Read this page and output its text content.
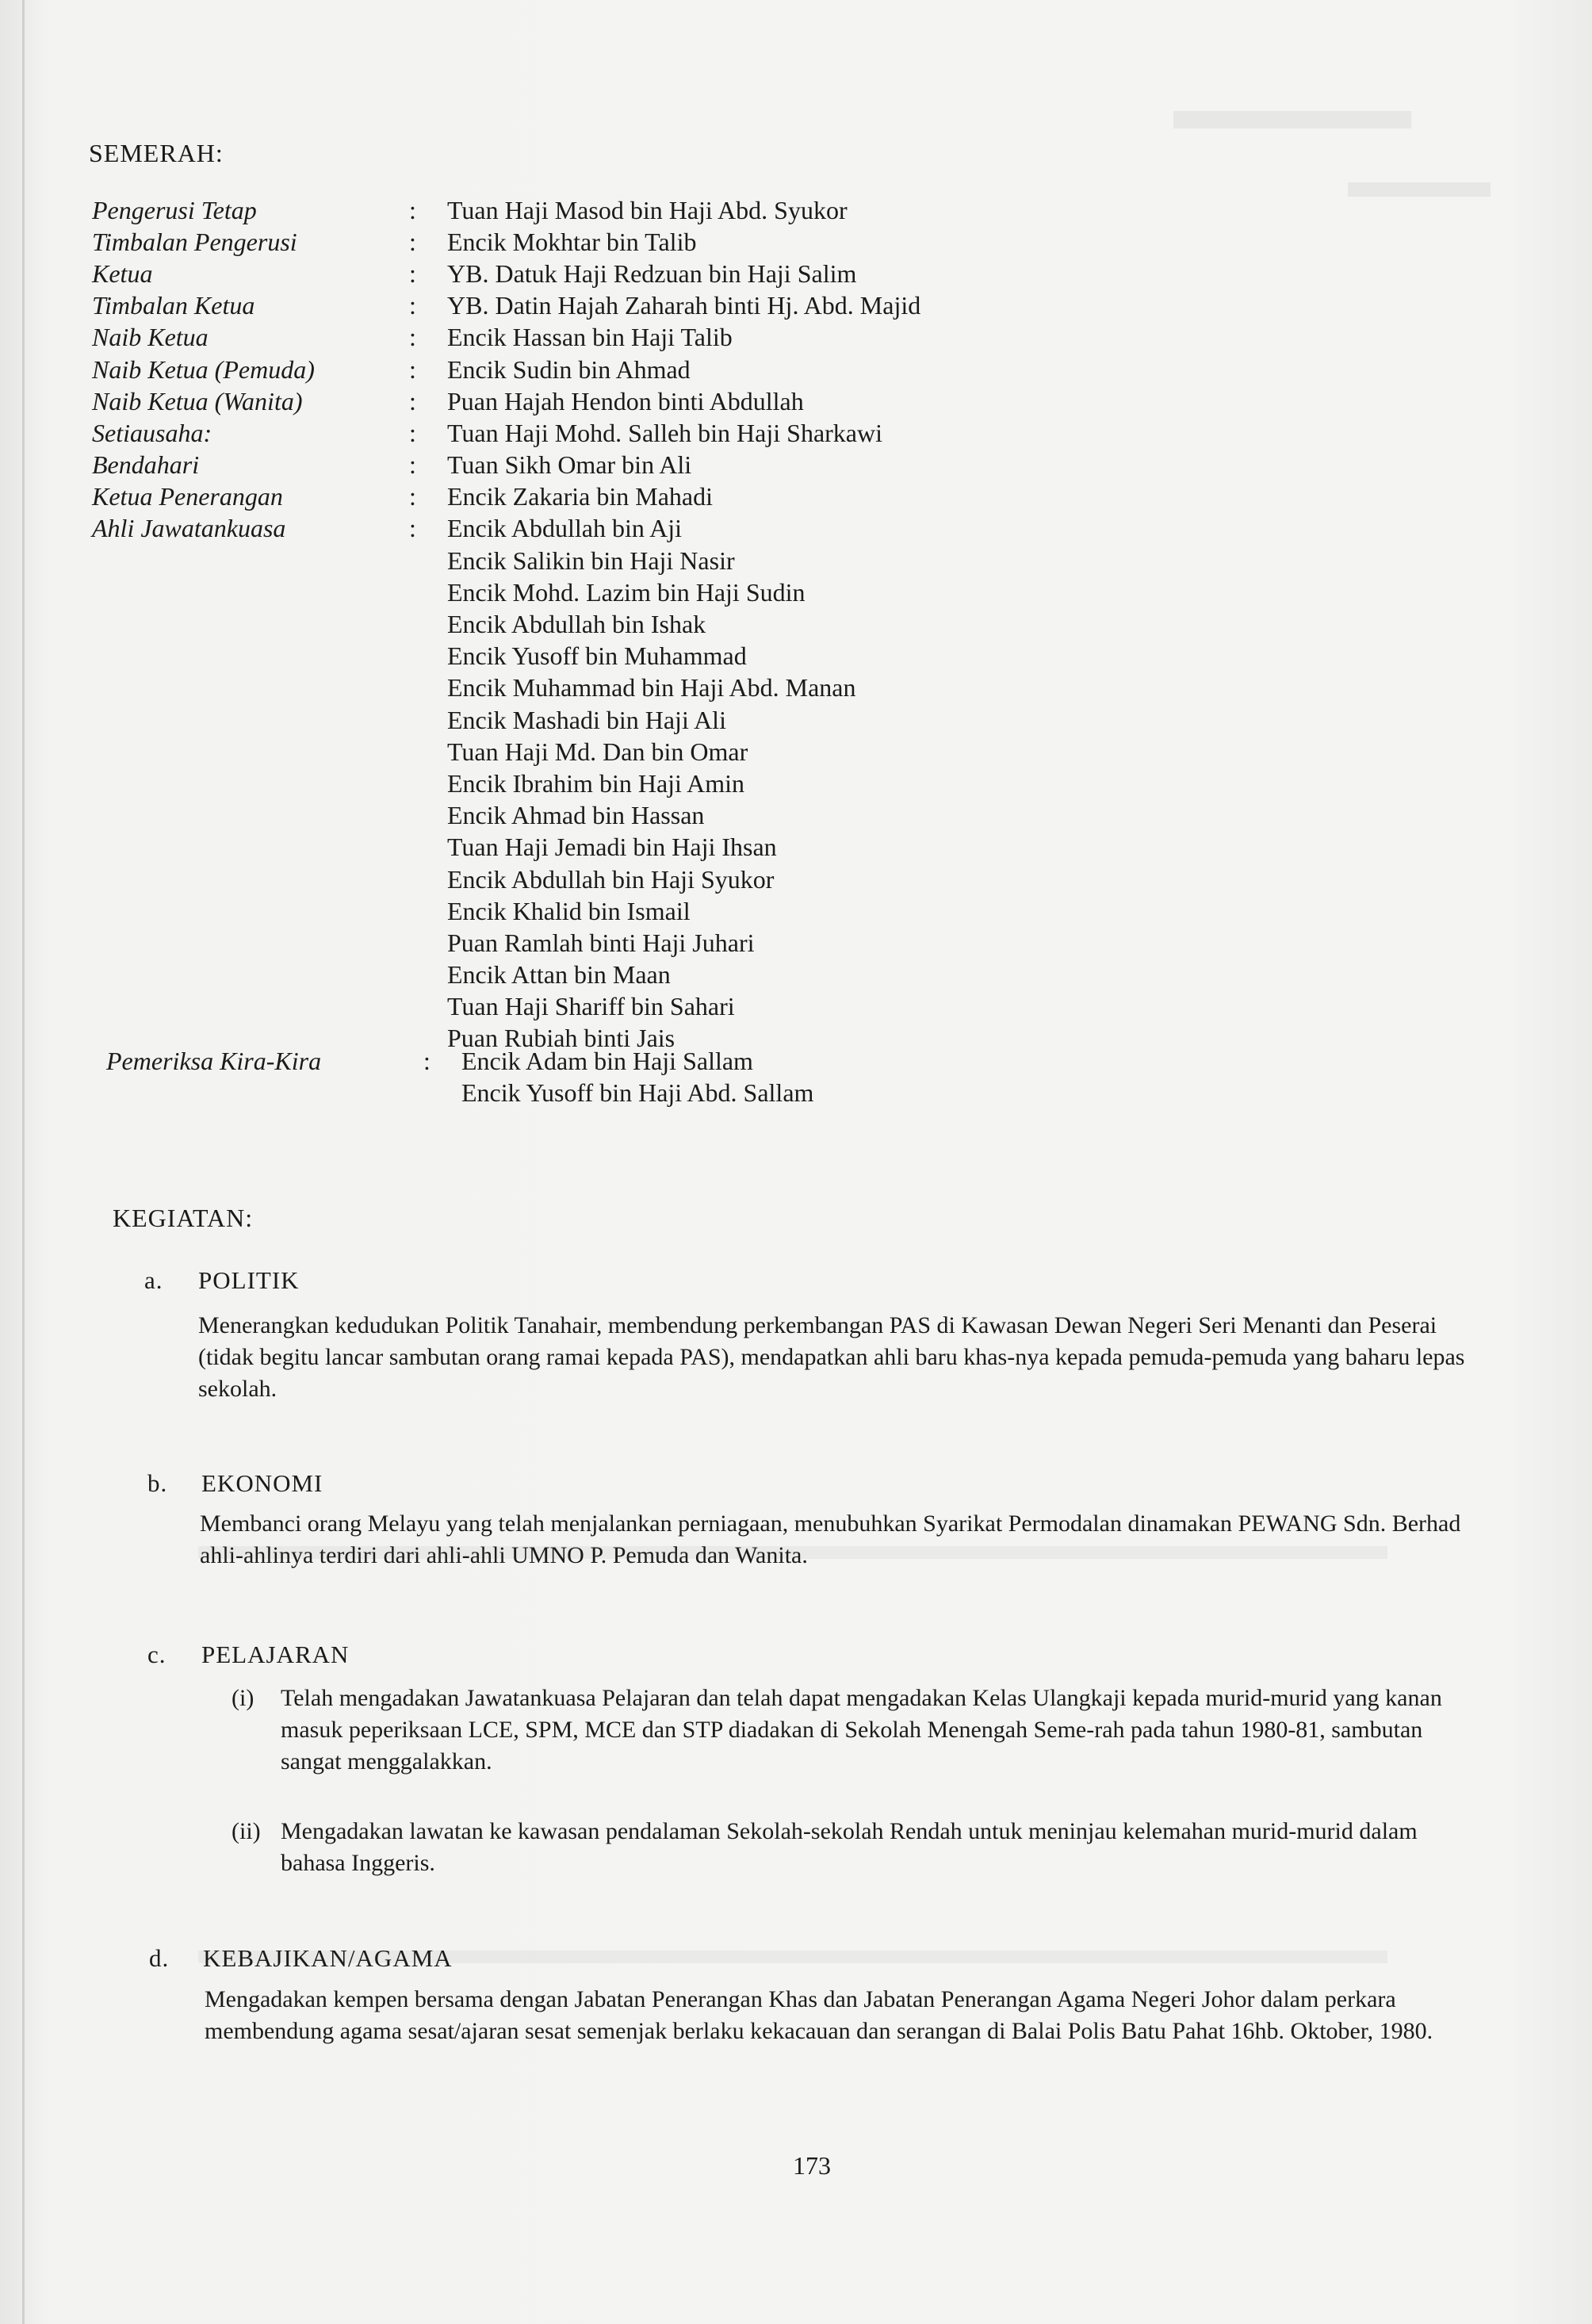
SEMERAH:
Pengerusi Tetap	:	Tuan Haji Masod bin Haji Abd. Syukor
Timbalan Pengerusi	:	Encik Mokhtar bin Talib
Ketua	:	YB. Datuk Haji Redzuan bin Haji Salim
Timbalan Ketua	:	YB. Datin Hajah Zaharah binti Hj. Abd. Majid
Naib Ketua	:	Encik Hassan bin Haji Talib
Naib Ketua (Pemuda)	:	Encik Sudin bin Ahmad
Naib Ketua (Wanita)	:	Puan Hajah Hendon binti Abdullah
Setiausaha:	:	Tuan Haji Mohd. Salleh bin Haji Sharkawi
Bendahari	:	Tuan Sikh Omar bin Ali
Ketua Penerangan	:	Encik Zakaria bin Mahadi
Ahli Jawatankuasa	:	Encik Abdullah bin Aji
Encik Salikin bin Haji Nasir
Encik Mohd. Lazim bin Haji Sudin
Encik Abdullah bin Ishak
Encik Yusoff bin Muhammad
Encik Muhammad bin Haji Abd. Manan
Encik Mashadi bin Haji Ali
Tuan Haji Md. Dan bin Omar
Encik Ibrahim bin Haji Amin
Encik Ahmad bin Hassan
Tuan Haji Jemadi bin Haji Ihsan
Encik Abdullah bin Haji Syukor
Encik Khalid bin Ismail
Puan Ramlah binti Haji Juhari
Encik Attan bin Maan
Tuan Haji Shariff bin Sahari
Puan Rubiah binti Jais
Pemeriksa Kira-Kira	:	Encik Adam bin Haji Sallam
Encik Yusoff bin Haji Abd. Sallam
KEGIATAN:
a. POLITIK
Menerangkan kedudukan Politik Tanahair, membendung perkembangan PAS di Kawasan Dewan Negeri Seri Menanti dan Peserai (tidak begitu lancar sambutan orang ramai kepada PAS), mendapatkan ahli baru khas-nya kepada pemuda-pemuda yang baharu lepas sekolah.
b. EKONOMI
Membanci orang Melayu yang telah menjalankan perniagaan, menubuhkan Syarikat Permodalan dinamakan PEWANG Sdn. Berhad ahli-ahlinya terdiri dari ahli-ahli UMNO P. Pemuda dan Wanita.
c. PELAJARAN
(i)	Telah mengadakan Jawatankuasa Pelajaran dan telah dapat mengadakan Kelas Ulangkaji kepada murid-murid yang kanan masuk peperiksaan LCE, SPM, MCE dan STP diadakan di Sekolah Menengah Seme-rah pada tahun 1980-81, sambutan sangat menggalakkan.
(ii) Mengadakan lawatan ke kawasan pendalaman Sekolah-sekolah Rendah untuk meninjau kelemahan murid-murid dalam bahasa Inggeris.
d. KEBAJIKAN/AGAMA
Mengadakan kempen bersama dengan Jabatan Penerangan Khas dan Jabatan Penerangan Agama Negeri Johor dalam perkara membendung agama sesat/ajaran sesat semenjak berlaku kekacauan dan serangan di Balai Polis Batu Pahat 16hb. Oktober, 1980.
173
